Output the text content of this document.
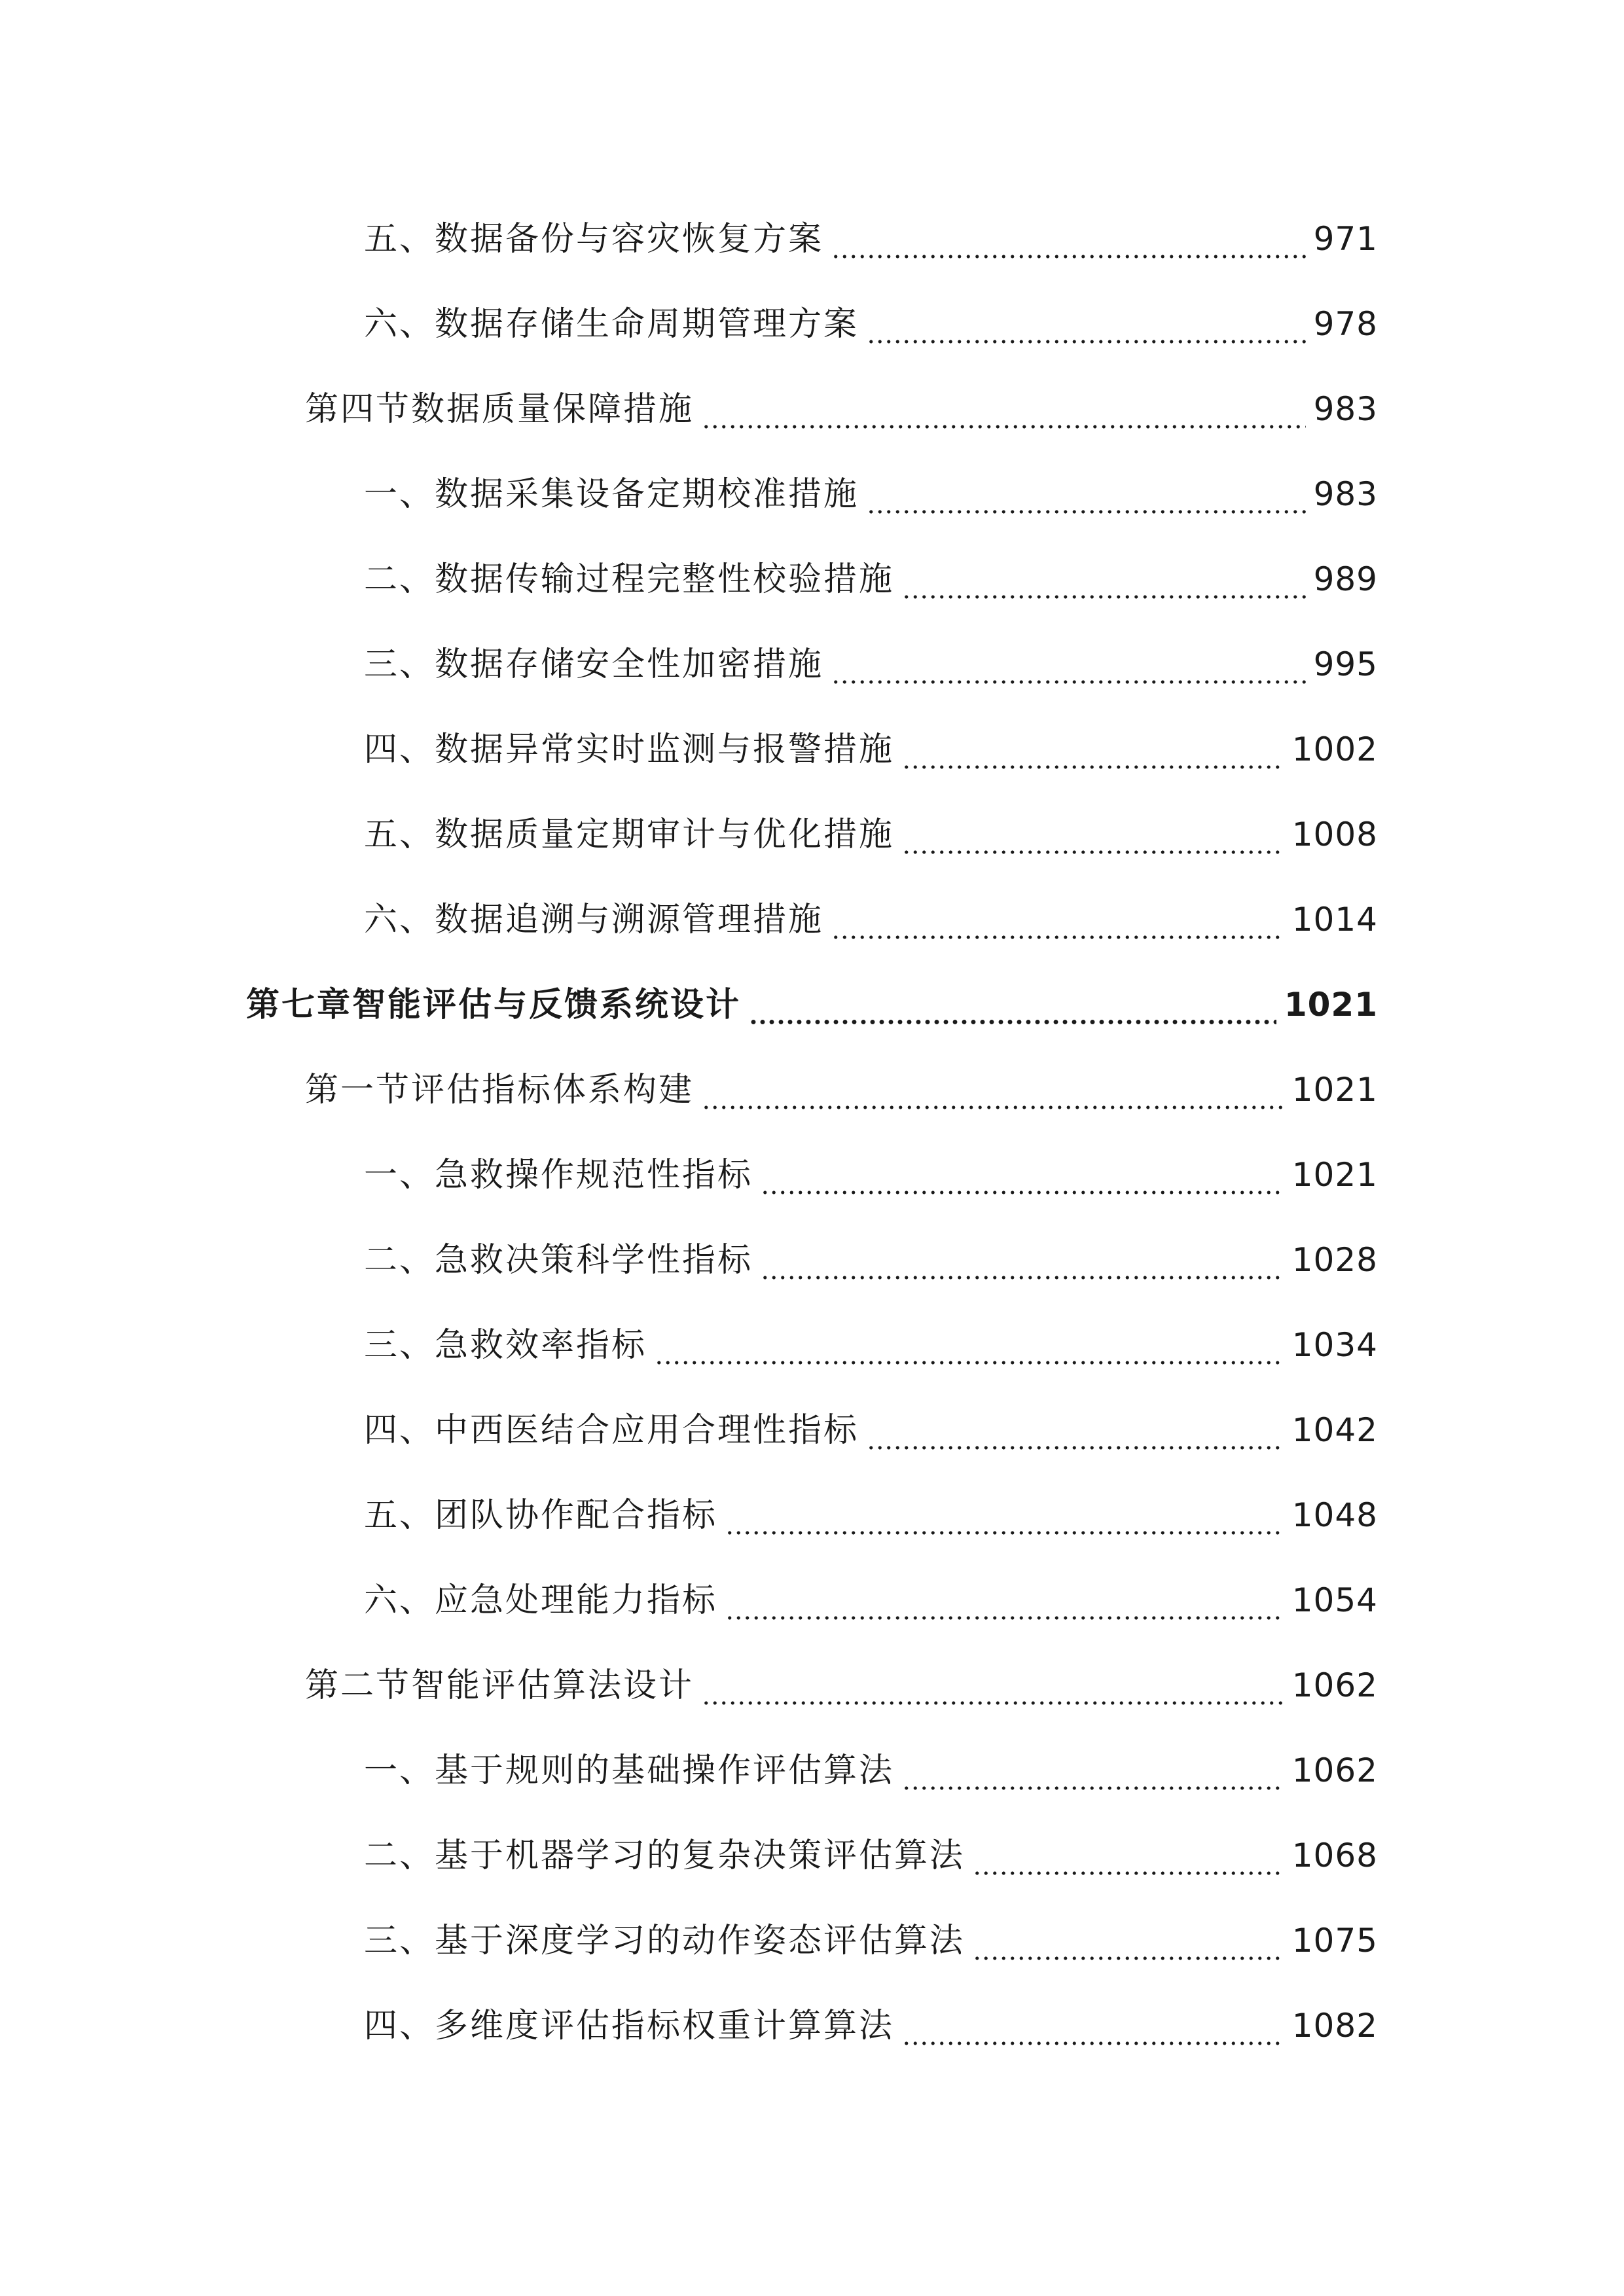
五、数据备份与容灾恢复方案	971
六、数据存储生命周期管理方案	978
第四节数据质量保障措施	983
一、数据采集设备定期校准措施	983
二、数据传输过程完整性校验措施	989
三、数据存储安全性加密措施	995
四、数据异常实时监测与报警措施	1002
五、数据质量定期审计与优化措施	1008
六、数据追溯与溯源管理措施	1014
第七章智能评估与反馈系统设计	1021
第一节评估指标体系构建	1021
一、急救操作规范性指标	1021
二、急救决策科学性指标	1028
三、急救效率指标	1034
四、中西医结合应用合理性指标	1042
五、团队协作配合指标	1048
六、应急处理能力指标	1054
第二节智能评估算法设计	1062
一、基于规则的基础操作评估算法	1062
二、基于机器学习的复杂决策评估算法	1068
三、基于深度学习的动作姿态评估算法	1075
四、多维度评估指标权重计算算法	1082
